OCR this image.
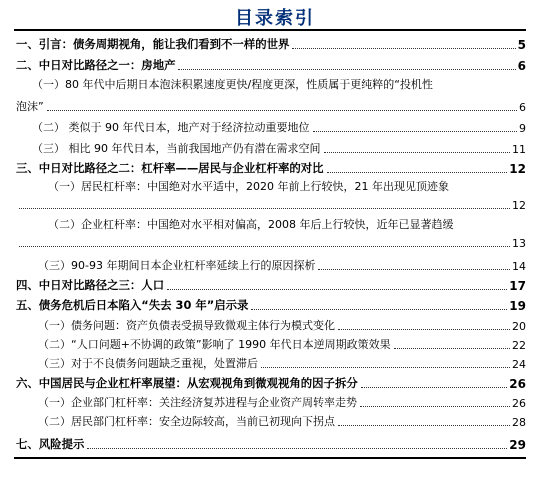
目录索引
一、引言：债务周期视角，能让我们看到不一样的世界	5
二、中日对比路径之一：房地产	6
（一）80 年代中后期日本泡沫积累速度更快/程度更深，性质属于更纯粹的“投机性
泡沫”	6
（二） 类似于 90 年代日本，地产对于经济拉动重要地位	9
（三） 相比 90 年代日本，当前我国地产仍有潜在需求空间	11
三、中日对比路径之二：杠杆率——居民与企业杠杆率的对比	12
（一）居民杠杆率：中国绝对水平适中，2020 年前上行较快，21 年出现见顶迹象
12
（二）企业杠杆率：中国绝对水平相对偏高，2008 年后上行较快，近年已显著趋缓
13
（三）90-93 年期间日本企业杠杆率延续上行的原因探析	14
四、中日对比路径之三：人口	17
五、债务危机后日本陷入“失去 30 年”启示录	19
（一）债务问题：资产负债表受损导致微观主体行为模式变化	20
（二）“人口问题+不协调的政策”影响了 1990 年代日本逆周期政策效果	22
（三）对于不良债务问题缺乏重视，处置滞后	24
六、中国居民与企业杠杆率展望：从宏观视角到微观视角的因子拆分	26
（一）企业部门杠杆率：关注经济复苏进程与企业资产周转率走势	26
（二）居民部门杠杆率：安全边际较高，当前已初现向下拐点	28
七、风险提示	29
